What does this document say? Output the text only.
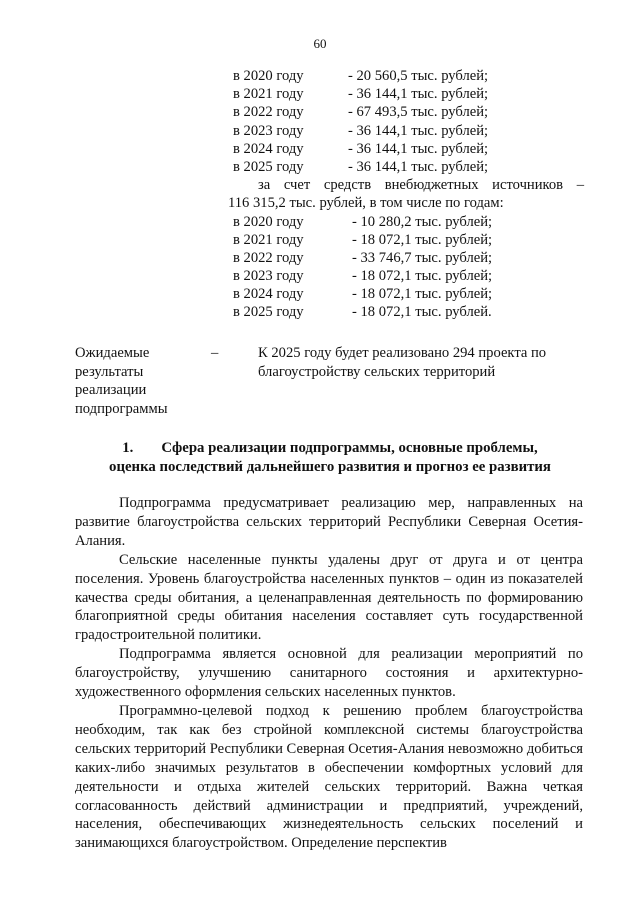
60
в 2020 году	- 20 560,5 тыс. рублей;
в 2021 году	- 36 144,1 тыс. рублей;
в 2022 году	- 67 493,5 тыс. рублей;
в 2023 году	- 36 144,1 тыс. рублей;
в 2024 году	- 36 144,1 тыс. рублей;
в 2025 году	- 36 144,1 тыс. рублей;
за счет средств внебюджетных источников –
116 315,2 тыс. рублей, в том числе по годам:
в 2020 году	- 10 280,2 тыс. рублей;
в 2021 году	- 18 072,1 тыс. рублей;
в 2022 году	- 33 746,7 тыс. рублей;
в 2023 году	- 18 072,1 тыс. рублей;
в 2024 году	- 18 072,1 тыс. рублей;
в 2025 году	- 18 072,1 тыс. рублей.
Ожидаемые
результаты
реализации
подпрограммы
–	К 2025 году будет реализовано 294 проекта по благоустройству сельских территорий
1. Сфера реализации подпрограммы, основные проблемы,
оценка последствий дальнейшего развития и прогноз ее развития

Подпрограмма предусматривает реализацию мер, направленных на развитие благоустройства сельских территорий Республики Северная Осетия-Алания.

Сельские населенные пункты удалены друг от друга и от центра поселения. Уровень благоустройства населенных пунктов – один из показателей качества среды обитания, а целенаправленная деятельность по формированию благоприятной среды обитания населения составляет суть государственной градостроительной политики.

Подпрограмма является основной для реализации мероприятий по благоустройству, улучшению санитарного состояния и архитектурно-художественного оформления сельских населенных пунктов.

Программно-целевой подход к решению проблем благоустройства необходим, так как без стройной комплексной системы благоустройства сельских территорий Республики Северная Осетия-Алания невозможно добиться каких-либо значимых результатов в обеспечении комфортных условий для деятельности и отдыха жителей сельских территорий. Важна четкая согласованность действий администрации и предприятий, учреждений, населения, обеспечивающих жизнедеятельность сельских поселений и занимающихся благоустройством. Определение перспектив
